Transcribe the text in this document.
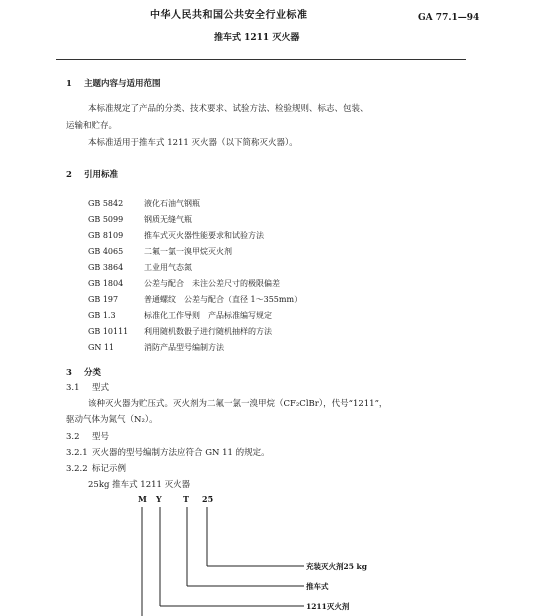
中华人民共和国公共安全行业标准	GA 77.1—94
推车式 1211 灭火器
1 主题内容与适用范围
本标准规定了产品的分类、技术要求、试验方法、检验规则、标志、包装、
运输和贮存。
本标准适用于推车式 1211 灭火器（以下简称灭火器）。
2 引用标准
GB 5842	液化石油气钢瓶
GB 5099	钢质无缝气瓶
GB 8109	推车式灭火器性能要求和试验方法
GB 4065	二氟一氯一溴甲烷灭火剂
GB 3864	工业用气态氮
GB 1804	公差与配合　未注公差尺寸的极限偏差
GB 197	普通螺纹　公差与配合（直径 1～355mm）
GB 1.3	标准化工作导则　产品标准编写规定
GB 10111 利用随机数骰子进行随机抽样的方法
GN 11	消防产品型号编制方法
3 分类
3.1 型式
该种灭火器为贮压式。灭火剂为二氟一氯一溴甲烷（CF₂ClBr），代号“1211”，
驱动气体为氮气（N₂）。
3.2 型号
3.2.1 灭火器的型号编制方法应符合 GN 11 的规定。
3.2.2 标记示例
25kg 推车式 1211 灭火器
M Y	T 25
充装灭火剂25 kg
推车式
1211灭火剂
